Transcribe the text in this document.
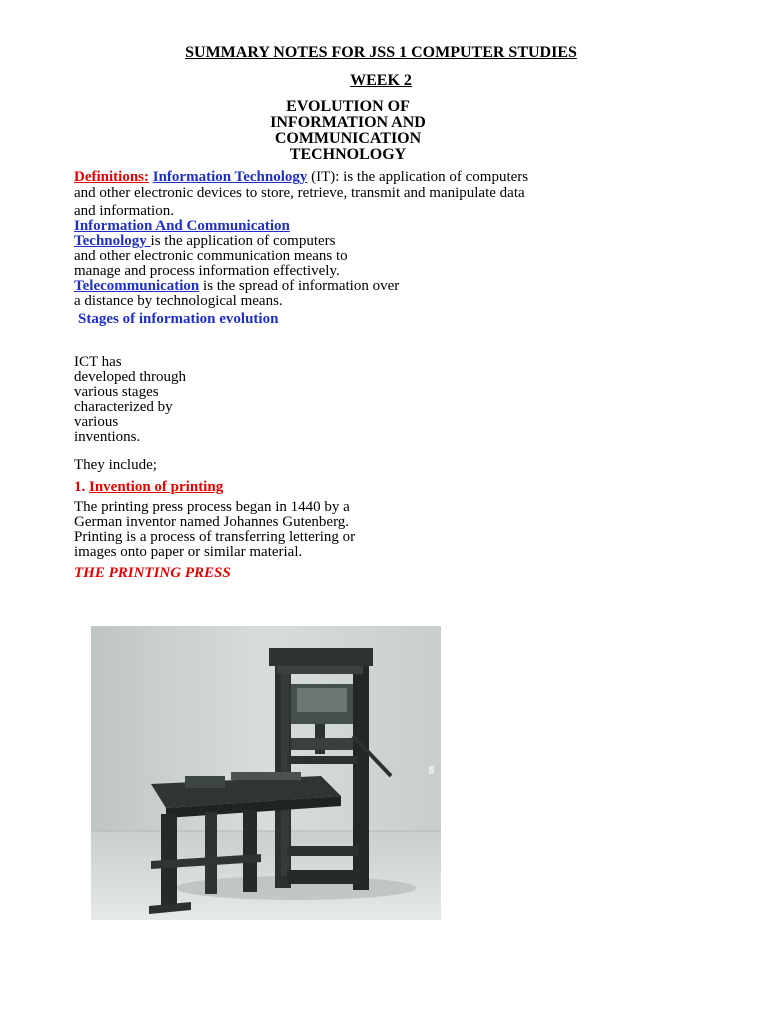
SUMMARY NOTES FOR JSS 1 COMPUTER STUDIES
WEEK 2
EVOLUTION OF
INFORMATION AND
COMMUNICATION
TECHNOLOGY
Definitions: Information Technology (IT): is the application of computers
and other electronic devices to store, retrieve, transmit and manipulate data
and information.
Information And Communication
Technology is the application of computers
and other electronic communication means to
manage and process information effectively.
Telecommunication is the spread of information over
a distance by technological means.
Stages of information evolution
ICT has
developed through
various stages
characterized by
various
inventions.
They include;
1. Invention of printing
The printing press process began in 1440 by a
German inventor named Johannes Gutenberg.
Printing is a process of transferring lettering or
images onto paper or similar material.
THE PRINTING PRESS
